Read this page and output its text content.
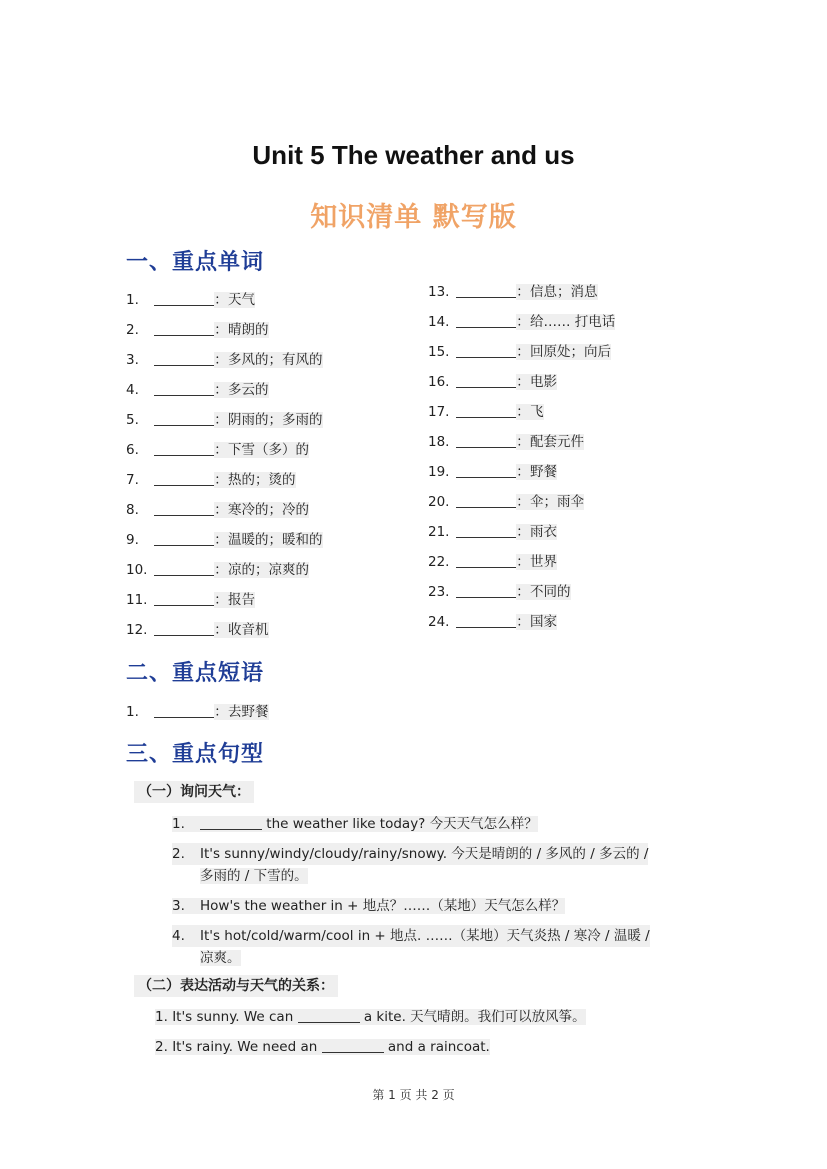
Unit 5 The weather and us
知识清单 默写版
一、重点单词
1.	：天气
2.	：晴朗的
3.	：多风的；有风的
4.	：多云的
5.	：阴雨的；多雨的
6.	：下雪（多）的
7.	：热的；烫的
8.	：寒冷的；冷的
9.	：温暖的；暖和的
10.	：凉的；凉爽的
11.	：报告
12.	：收音机
13.	：信息；消息
14.	：给…… 打电话
15.	：回原处；向后
16.	：电影
17.	：飞
18.	：配套元件
19.	：野餐
20.	：伞；雨伞
21.	：雨衣
22.	：世界
23.	：不同的
24.	：国家
二、重点短语
1.	：去野餐
三、重点句型
（一）询问天气：
1.	the weather like today? 今天天气怎么样？
2. It's sunny/windy/cloudy/rainy/snowy. 今天是晴朗的 / 多风的 / 多云的 /
多雨的 / 下雪的。
3. How's the weather in + 地点？……（某地）天气怎么样？
4. It's hot/cold/warm/cool in + 地点. ……（某地）天气炎热 / 寒冷 / 温暖 /
凉爽。
（二）表达活动与天气的关系：
1. It's sunny. We can	a kite. 天气晴朗。我们可以放风筝。
2. It's rainy. We need an	and a raincoat.
第 1 页 共 2 页
